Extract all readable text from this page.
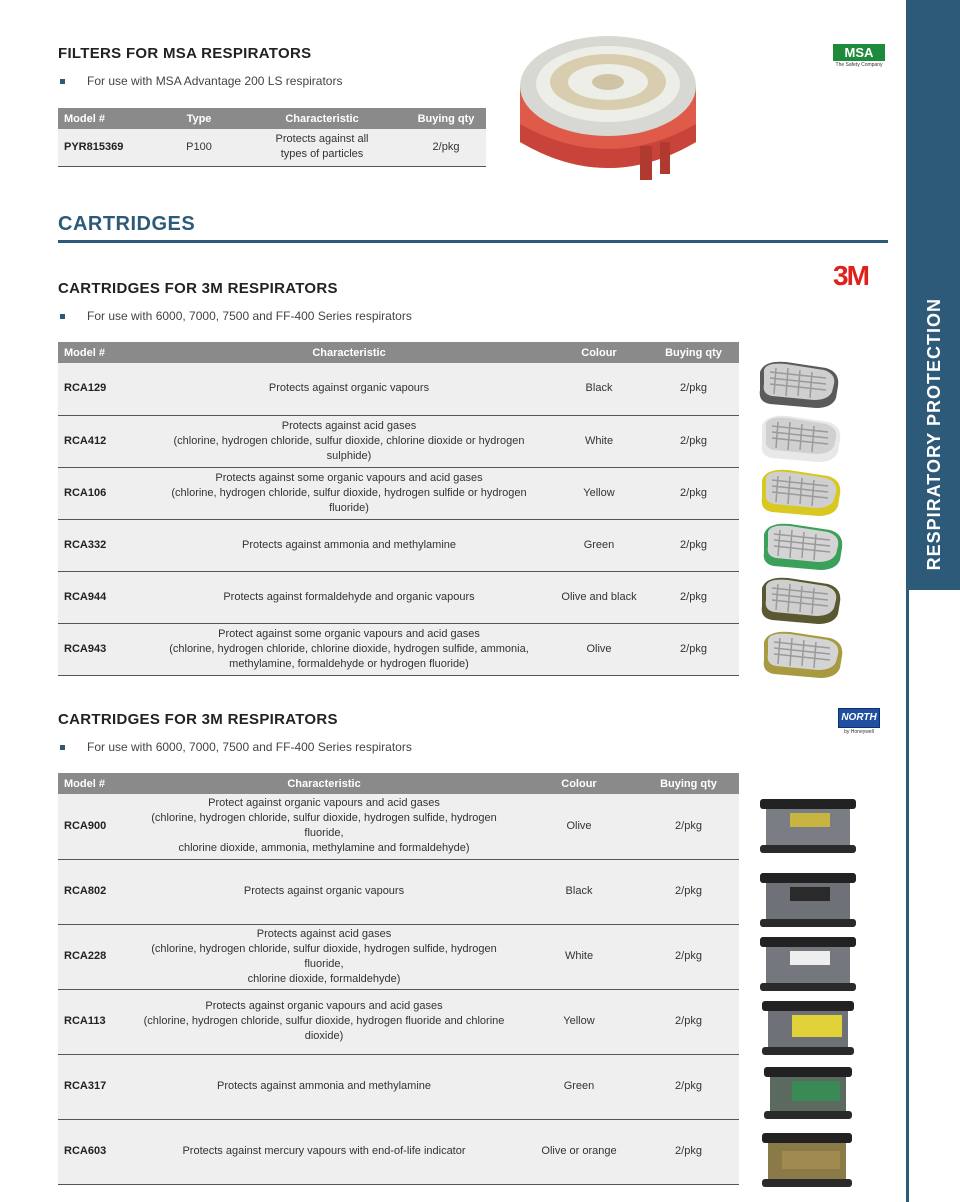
RESPIRATORY PROTECTION
FILTERS FOR MSA RESPIRATORS
For use with MSA Advantage 200 LS respirators
Model #	Type	Characteristic	Buying qty
PYR815369	P100	Protects against all
types of particles	2/pkg
MSA
The Safety Company
CARTRIDGES
CARTRIDGES FOR 3M RESPIRATORS
For use with 6000, 7000, 7500 and FF-400 Series respirators
3M
Model #	Characteristic	Colour	Buying qty
RCA129	Protects against organic vapours	Black	2/pkg
RCA412	Protects against acid gases
(chlorine, hydrogen chloride, sulfur dioxide, chlorine dioxide or hydrogen sulphide)	White	2/pkg
RCA106	Protects against some organic vapours and acid gases
(chlorine, hydrogen chloride, sulfur dioxide, hydrogen sulfide or hydrogen fluoride)	Yellow	2/pkg
RCA332	Protects against ammonia and methylamine	Green	2/pkg
RCA944	Protects against formaldehyde and organic vapours	Olive and black	2/pkg
RCA943	Protect against some organic vapours and acid gases
(chlorine, hydrogen chloride, chlorine dioxide, hydrogen sulfide, ammonia,
methylamine, formaldehyde or hydrogen fluoride)	Olive	2/pkg
CARTRIDGES FOR 3M RESPIRATORS
For use with 6000, 7000, 7500 and FF-400 Series respirators
NORTH
by Honeywell
Model #	Characteristic	Colour	Buying qty
RCA900	Protect against organic vapours and acid gases
(chlorine, hydrogen chloride, sulfur dioxide, hydrogen sulfide, hydrogen fluoride,
chlorine dioxide, ammonia, methylamine and formaldehyde)	Olive	2/pkg
RCA802	Protects against organic vapours	Black	2/pkg
RCA228	Protects against acid gases
(chlorine, hydrogen chloride, sulfur dioxide, hydrogen sulfide, hydrogen fluoride,
chlorine dioxide, formaldehyde)	White	2/pkg
RCA113	Protects against organic vapours and acid gases
(chlorine, hydrogen chloride, sulfur dioxide, hydrogen fluoride and chlorine dioxide)	Yellow	2/pkg
RCA317	Protects against ammonia and methylamine	Green	2/pkg
RCA603	Protects against mercury vapours with end-of-life indicator	Olive or orange	2/pkg
